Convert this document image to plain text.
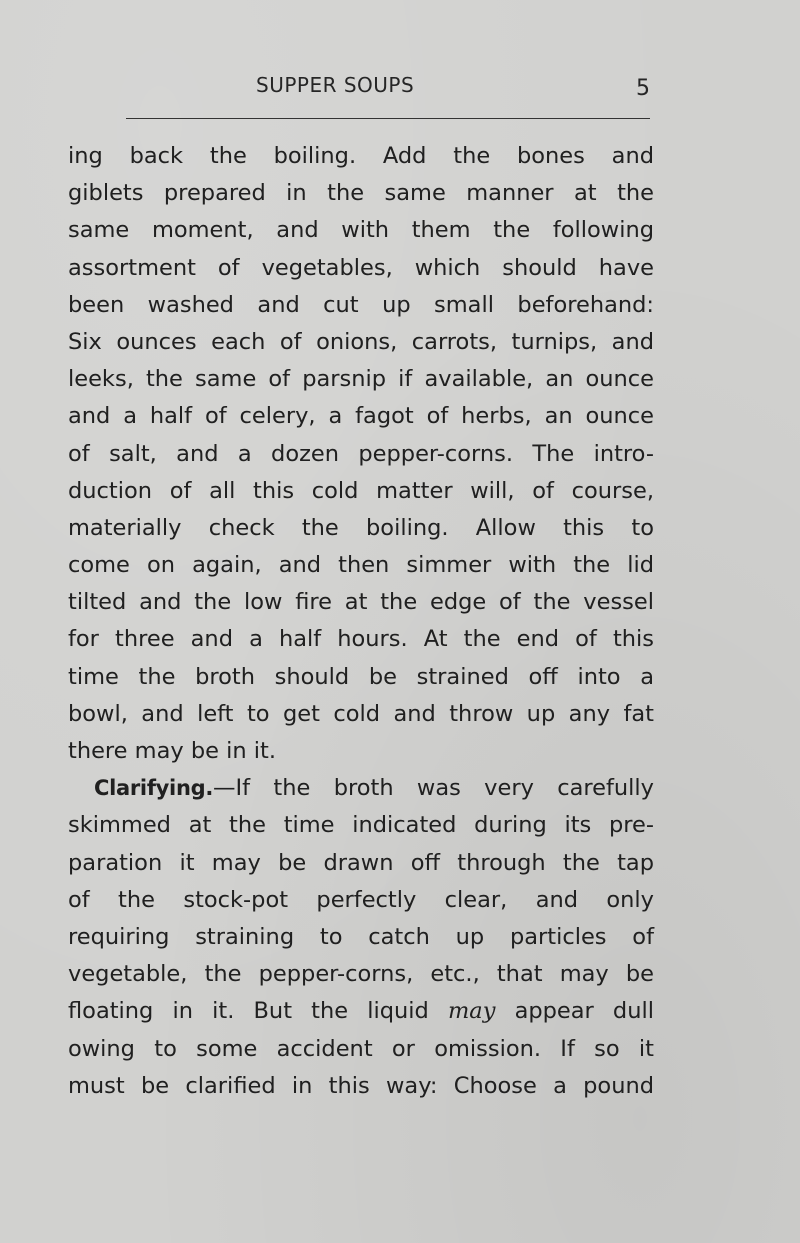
SUPPER SOUPS	5
ing back the boiling. Add the bones and
giblets prepared in the same manner at the
same moment, and with them the following
assortment of vegetables, which should have
been washed and cut up small beforehand:
Six ounces each of onions, carrots, turnips, and
leeks, the same of parsnip if available, an ounce
and a half of celery, a fagot of herbs, an ounce
of salt, and a dozen pepper-corns. The intro-
duction of all this cold matter will, of course,
materially check the boiling. Allow this to
come on again, and then simmer with the lid
tilted and the low fire at the edge of the vessel
for three and a half hours. At the end of this
time the broth should be strained off into a
bowl, and left to get cold and throw up any fat
there may be in it.
Clarifying.—If the broth was very carefully
skimmed at the time indicated during its pre-
paration it may be drawn off through the tap
of the stock-pot perfectly clear, and only
requiring straining to catch up particles of
vegetable, the pepper-corns, etc., that may be
floating in it. But the liquid may appear dull
owing to some accident or omission. If so it
must be clarified in this way: Choose a pound
